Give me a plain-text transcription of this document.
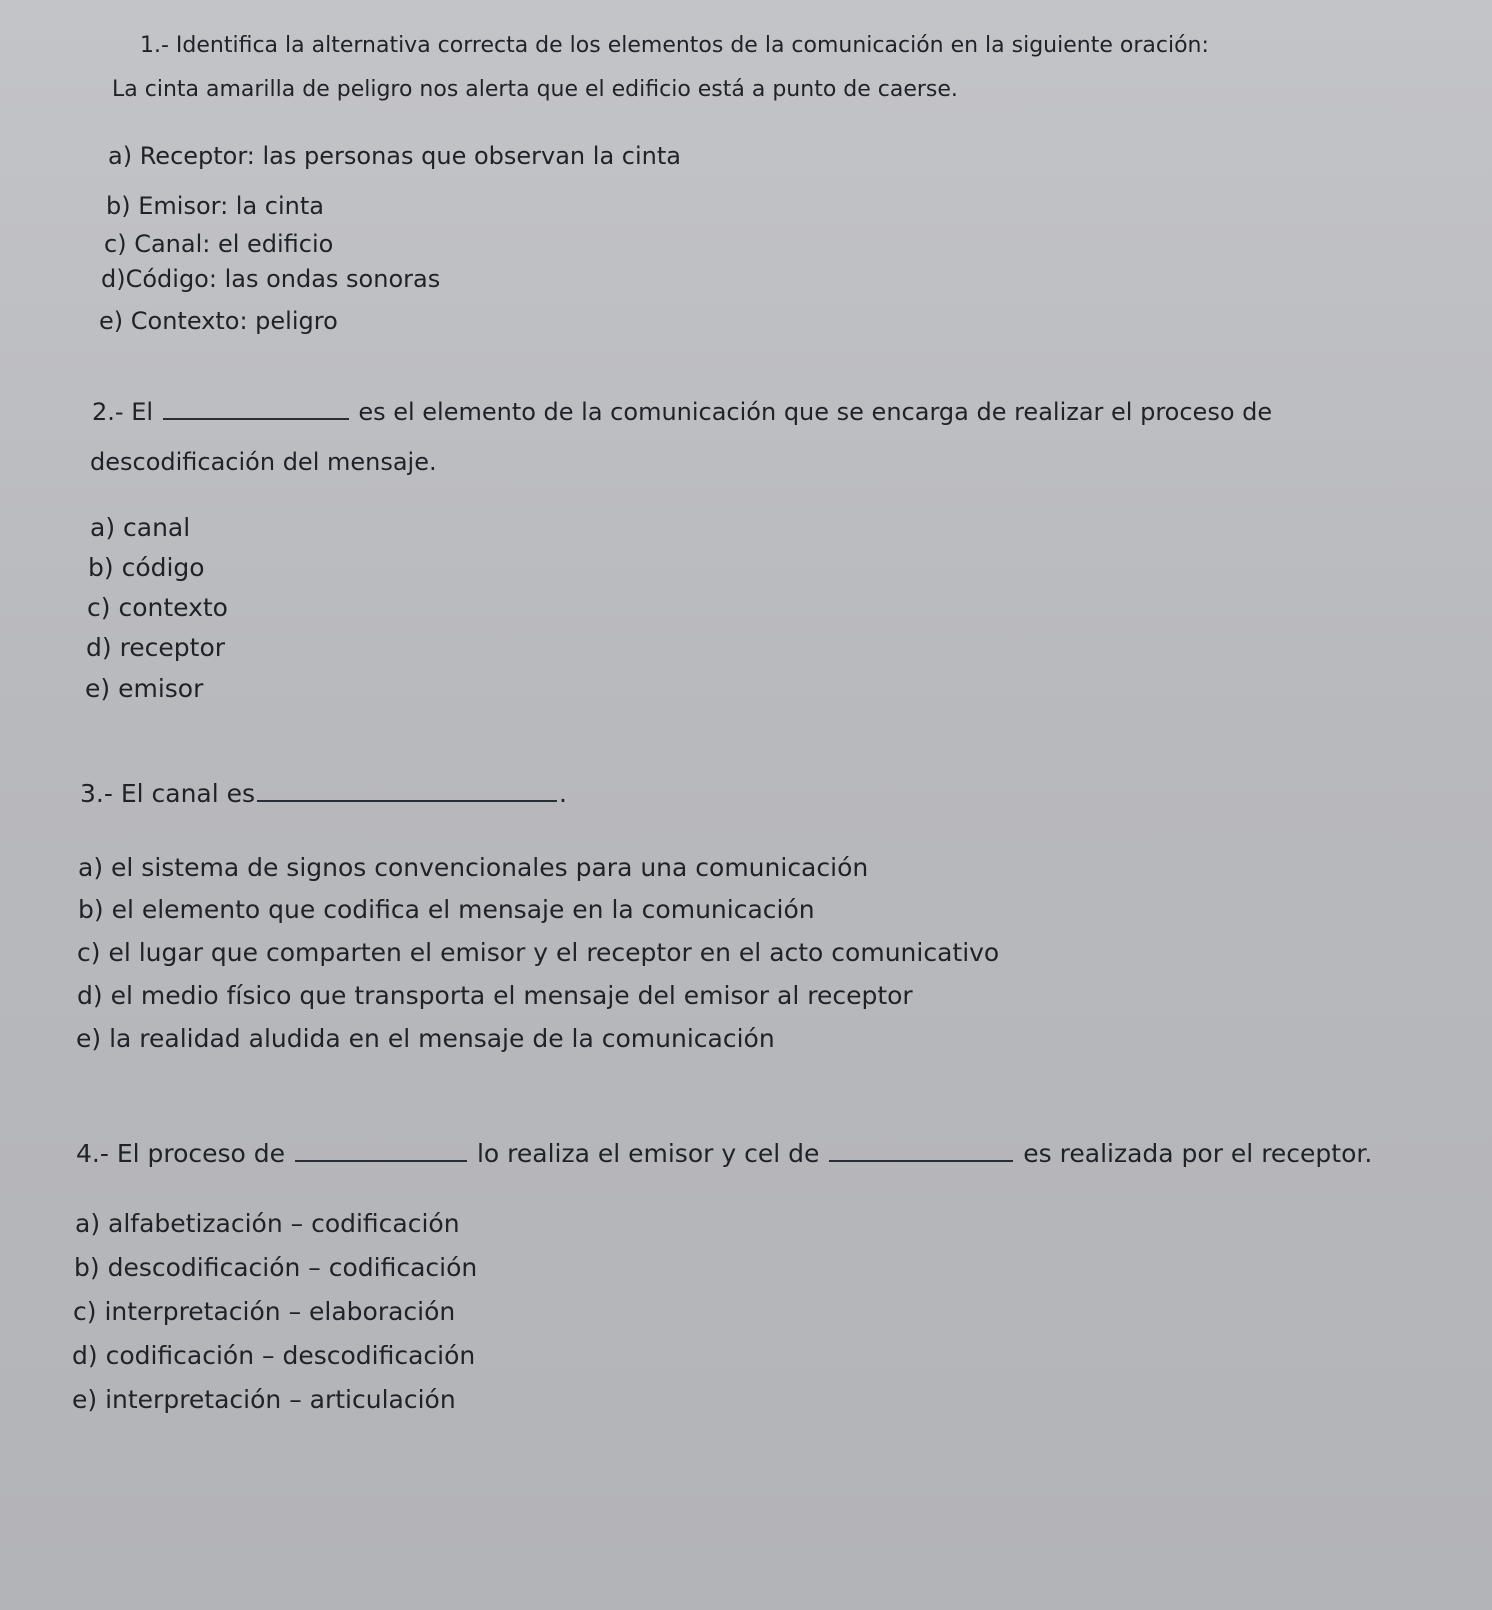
1.- Identifica la alternativa correcta de los elementos de la comunicación en la siguiente oración:
La cinta amarilla de peligro nos alerta que el edificio está a punto de caerse.
a) Receptor: las personas que observan la cinta
b) Emisor: la cinta
c) Canal: el edificio
d)Código: las ondas sonoras
e) Contexto: peligro
2.- El	es el elemento de la comunicación que se encarga de realizar el proceso de
descodificación del mensaje.
a) canal
b) código
c) contexto
d) receptor
e) emisor
3.- El canal es	.
a) el sistema de signos convencionales para una comunicación
b) el elemento que codifica el mensaje en la comunicación
c) el lugar que comparten el emisor y el receptor en el acto comunicativo
d) el medio físico que transporta el mensaje del emisor al receptor
e) la realidad aludida en el mensaje de la comunicación
4.- El proceso de	lo realiza el emisor y cel de	es realizada por el receptor.
a) alfabetización – codificación
b) descodificación – codificación
c) interpretación – elaboración
d) codificación – descodificación
e) interpretación – articulación
